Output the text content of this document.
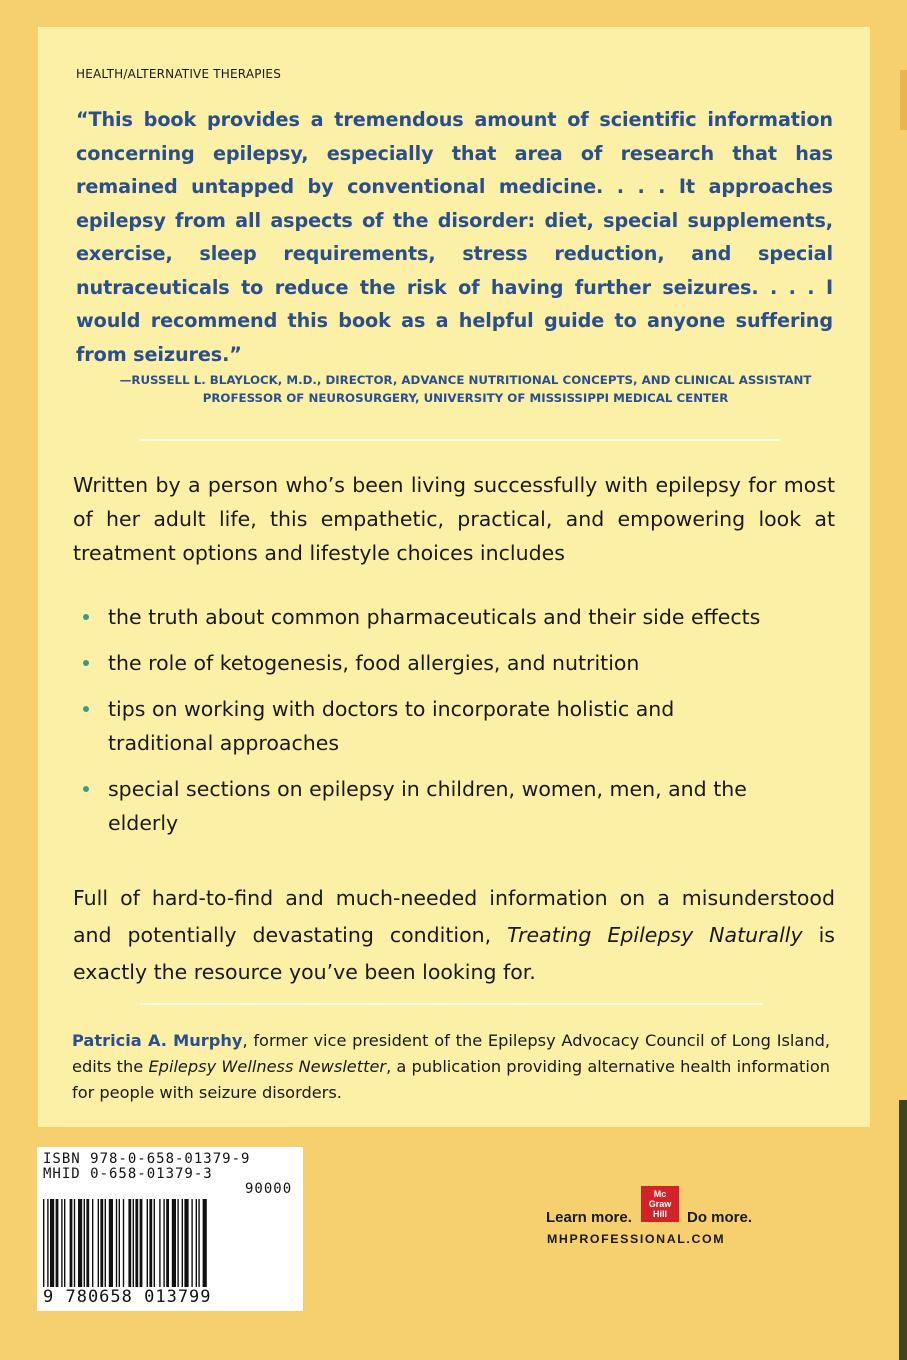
HEALTH/ALTERNATIVE THERAPIES
“This book provides a tremendous amount of scientific information concerning epilepsy, especially that area of research that has remained untapped by conventional medicine. . . . It approaches epilepsy from all aspects of the disorder: diet, special supplements, exercise, sleep requirements, stress reduction, and special nutraceuticals to reduce the risk of having further seizures. . . . I would recommend this book as a helpful guide to anyone suffering from seizures.”
—RUSSELL L. BLAYLOCK, M.D., DIRECTOR, ADVANCE NUTRITIONAL CONCEPTS, AND CLINICAL ASSISTANT PROFESSOR OF NEUROSURGERY, UNIVERSITY OF MISSISSIPPI MEDICAL CENTER
Written by a person who’s been living successfully with epilepsy for most of her adult life, this empathetic, practical, and empowering look at treatment options and lifestyle choices includes
the truth about common pharmaceuticals and their side effects
the role of ketogenesis, food allergies, and nutrition
tips on working with doctors to incorporate holistic and traditional approaches
special sections on epilepsy in children, women, men, and the elderly
Full of hard-to-find and much-needed information on a misunderstood and potentially devastating condition, Treating Epilepsy Naturally is exactly the resource you’ve been looking for.
Patricia A. Murphy, former vice president of the Epilepsy Advocacy Council of Long Island, edits the Epilepsy Wellness Newsletter, a publication providing alternative health information for people with seizure disorders.
ISBN 978-0-658-01379-9
MHID 0-658-01379-3
90000
9 780658 013799
Learn more.
Mc
Graw
Hill	Do more.
MHPROFESSIONAL.COM
